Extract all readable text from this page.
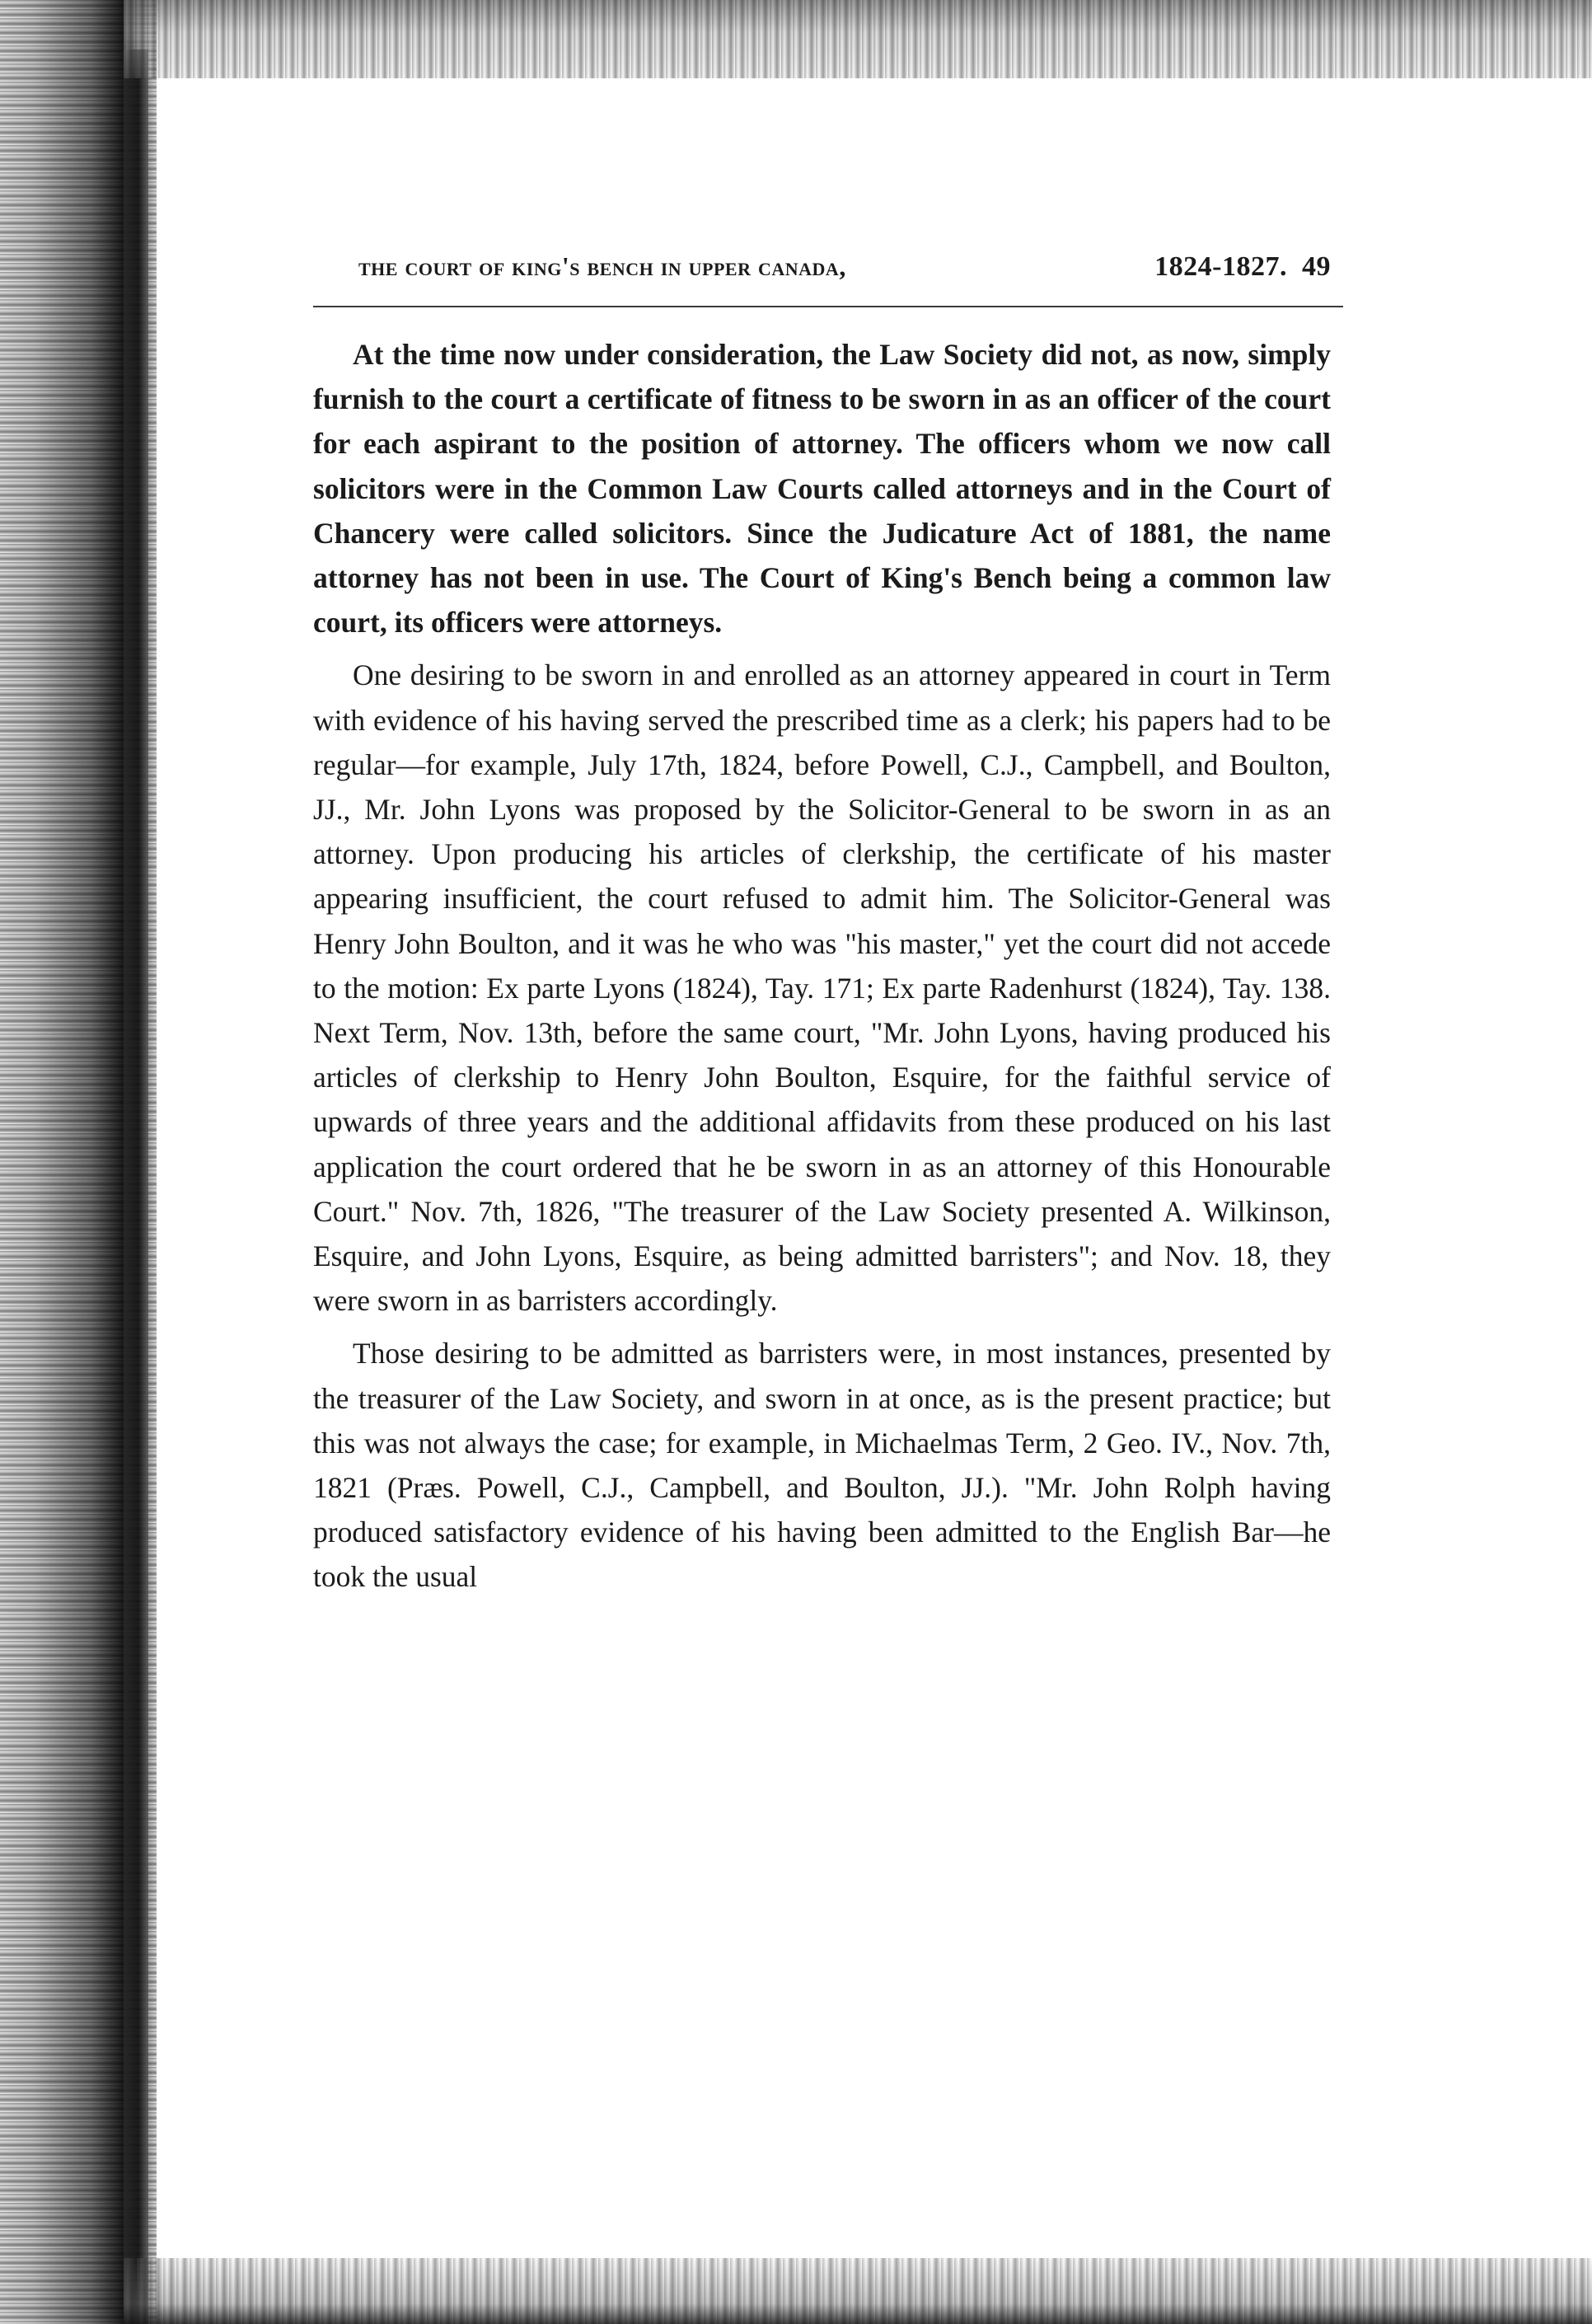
the court of king's bench in upper canada,	1824-1827. 49

At the time now under consideration, the Law Society did not, as now, simply furnish to the court a certificate of fitness to be sworn in as an officer of the court for each aspirant to the position of attorney. The officers whom we now call solicitors were in the Common Law Courts called attorneys and in the Court of Chancery were called solicitors. Since the Judicature Act of 1881, the name attorney has not been in use. The Court of King's Bench being a common law court, its officers were attorneys.

One desiring to be sworn in and enrolled as an attorney appeared in court in Term with evidence of his having served the prescribed time as a clerk; his papers had to be regular—for example, July 17th, 1824, before Powell, C.J., Campbell, and Boulton, JJ., Mr. John Lyons was proposed by the Solicitor-General to be sworn in as an attorney. Upon producing his articles of clerkship, the certificate of his master appearing insufficient, the court refused to admit him. The Solicitor-General was Henry John Boulton, and it was he who was "his master," yet the court did not accede to the motion: Ex parte Lyons (1824), Tay. 171; Ex parte Radenhurst (1824), Tay. 138. Next Term, Nov. 13th, before the same court, "Mr. John Lyons, having produced his articles of clerkship to Henry John Boulton, Esquire, for the faithful service of upwards of three years and the additional affidavits from these produced on his last application the court ordered that he be sworn in as an attorney of this Honourable Court." Nov. 7th, 1826, "The treasurer of the Law Society presented A. Wilkinson, Esquire, and John Lyons, Esquire, as being admitted barristers"; and Nov. 18, they were sworn in as barristers accordingly.

Those desiring to be admitted as barristers were, in most instances, presented by the treasurer of the Law Society, and sworn in at once, as is the present practice; but this was not always the case; for example, in Michaelmas Term, 2 Geo. IV., Nov. 7th, 1821 (Præs. Powell, C.J., Campbell, and Boulton, JJ.). "Mr. John Rolph having produced satisfactory evidence of his having been admitted to the English Bar—he took the usual
